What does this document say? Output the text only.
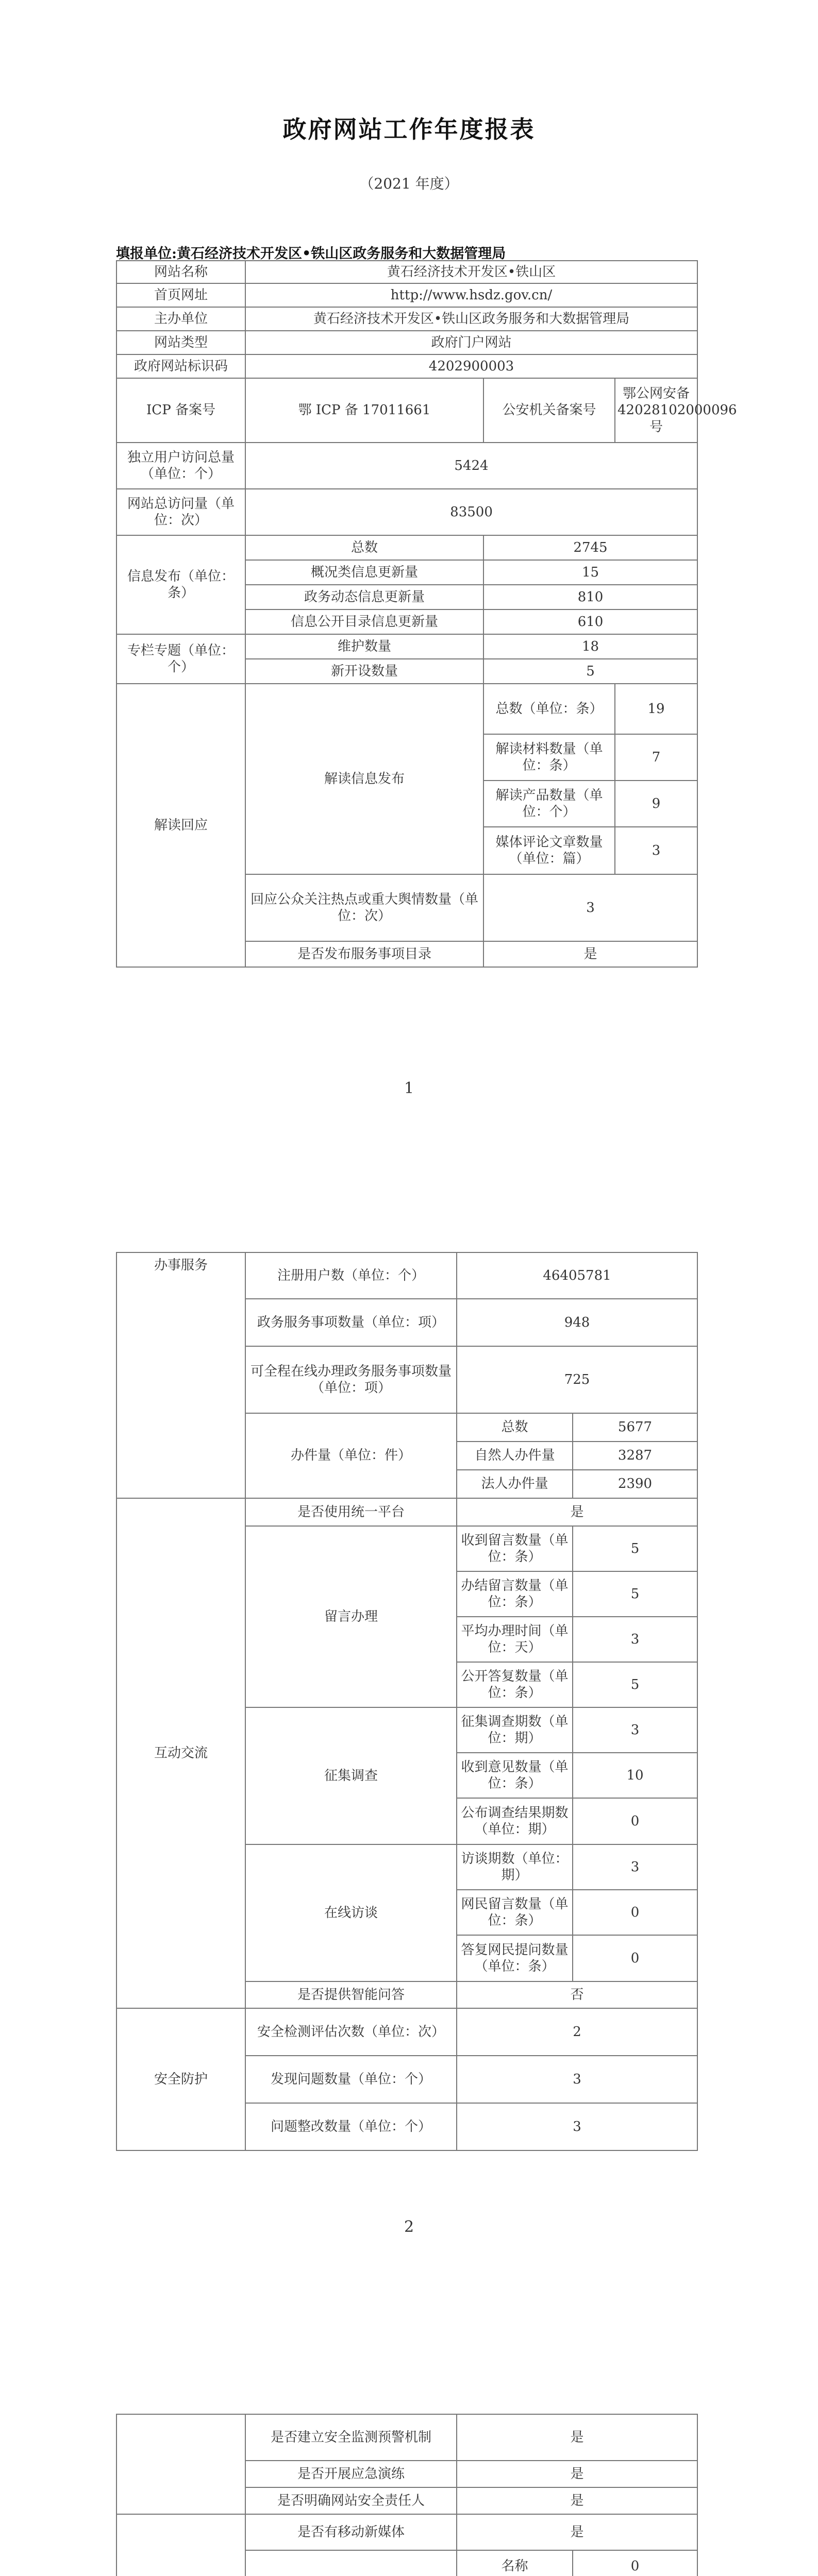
政府网站工作年度报表
（2021 年度）
填报单位:黄石经济技术开发区•铁山区政务服务和大数据管理局
网站名称	黄石经济技术开发区•铁山区		
首页网址	http://www.hsdz.gov.cn/		
主办单位	黄石经济技术开发区•铁山区政务服务和大数据管理局		
网站类型	政府门户网站		
政府网站标识码	4202900003		
ICP 备案号	鄂 ICP 备 17011661	公安机关备案号	鄂公网安备 42028102000096 号
独立用户访问总量（单位：个）	5424		
网站总访问量（单位：次）	83500		
信息发布（单位：条）	总数	2745	
	概况类信息更新量	15	
	政务动态信息更新量	810	
	信息公开目录信息更新量	610	
专栏专题（单位：个）	维护数量	18	
	新开设数量	5	
解读回应	解读信息发布	总数（单位：条）	19
		解读材料数量（单位：条）	7
		解读产品数量（单位：个）	9
		媒体评论文章数量（单位：篇）	3
	回应公众关注热点或重大舆情数量（单位：次）	3	
	是否发布服务事项目录	是	
1
办事服务	注册用户数（单位：个）	46405781	
	政务服务事项数量（单位：项）	948	
	可全程在线办理政务服务事项数量（单位：项）	725	
	办件量（单位：件）	总数	5677
		自然人办件量	3287
		法人办件量	2390
互动交流	是否使用统一平台	是	
	留言办理	收到留言数量（单位：条）	5
		办结留言数量（单位：条）	5
		平均办理时间（单位：天）	3
		公开答复数量（单位：条）	5
	征集调查	征集调查期数（单位：期）	3
		收到意见数量（单位：条）	10
		公布调查结果期数（单位：期）	0
	在线访谈	访谈期数（单位：期）	3
		网民留言数量（单位：条）	0
		答复网民提问数量（单位：条）	0
	是否提供智能问答	否	
安全防护	安全检测评估次数（单位：次）	2	
	发现问题数量（单位：个）	3	
	问题整改数量（单位：个）	3	
2
	是否建立安全监测预警机制	是	
	是否开展应急演练	是	
	是否明确网站安全责任人	是	
	是否有移动新媒体	是	
	名称	0
